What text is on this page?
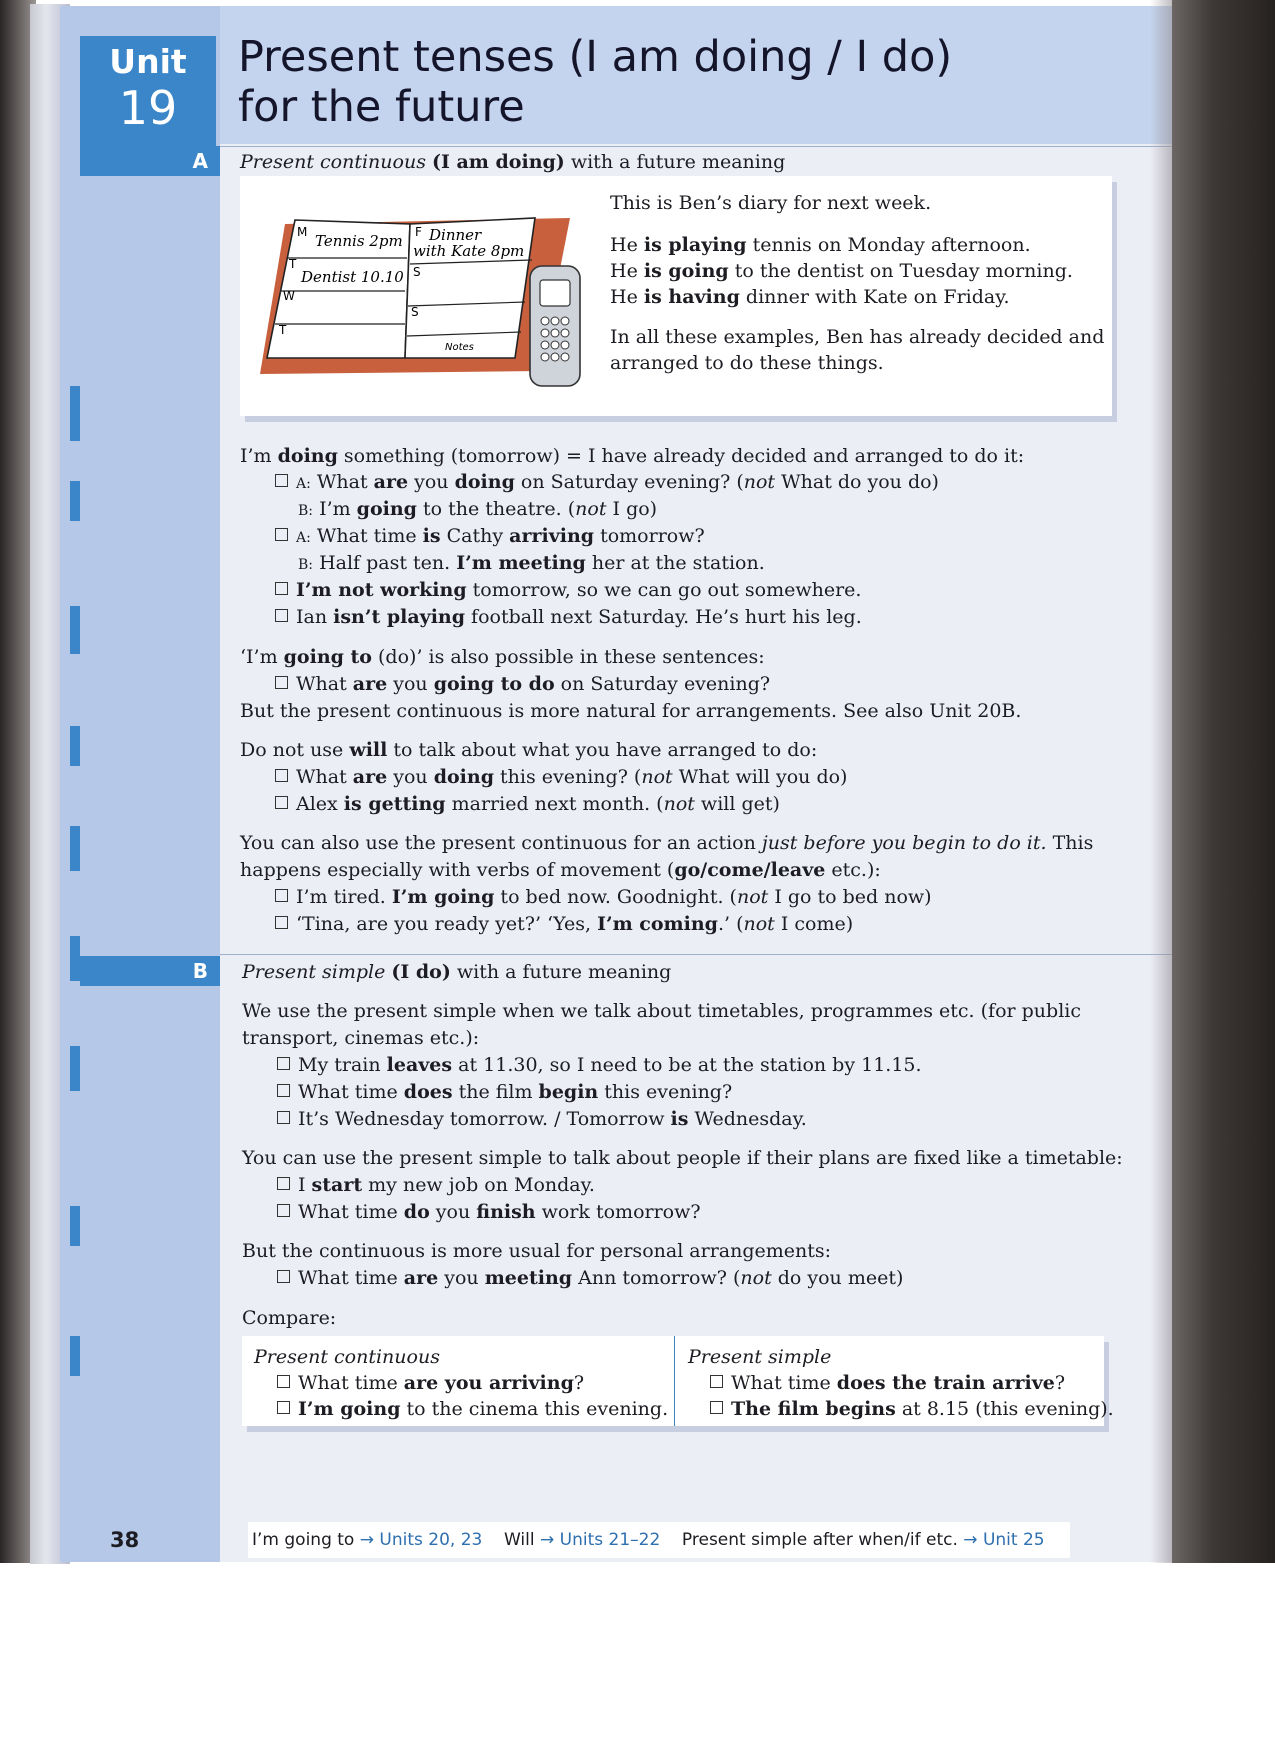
Unit
19
Present tenses (I am doing / I do)
for the future
A	Present continuous (I am doing) with a future meaning
M Tennis 2pm
T
Dentist 10.10
W
T
F Dinner
with Kate 8pm
S
S
Notes
This is Ben’s diary for next week.
He is playing tennis on Monday afternoon.
He is going to the dentist on Tuesday morning.
He is having dinner with Kate on Friday.
In all these examples, Ben has already decided and
arranged to do these things.
I’m doing something (tomorrow) = I have already decided and arranged to do it:
A: What are you doing on Saturday evening? (not What do you do)
B: I’m going to the theatre. (not I go)
A: What time is Cathy arriving tomorrow?
B: Half past ten. I’m meeting her at the station.
I’m not working tomorrow, so we can go out somewhere.
Ian isn’t playing football next Saturday. He’s hurt his leg.
‘I’m going to (do)’ is also possible in these sentences:
What are you going to do on Saturday evening?
But the present continuous is more natural for arrangements. See also Unit 20B.
Do not use will to talk about what you have arranged to do:
What are you doing this evening? (not What will you do)
Alex is getting married next month. (not will get)
You can also use the present continuous for an action just before you begin to do it. This
happens especially with verbs of movement (go/come/leave etc.):
I’m tired. I’m going to bed now. Goodnight. (not I go to bed now)
‘Tina, are you ready yet?’ ‘Yes, I’m coming.’ (not I come)
B	Present simple (I do) with a future meaning
We use the present simple when we talk about timetables, programmes etc. (for public
transport, cinemas etc.):
My train leaves at 11.30, so I need to be at the station by 11.15.
What time does the film begin this evening?
It’s Wednesday tomorrow. / Tomorrow is Wednesday.
You can use the present simple to talk about people if their plans are fixed like a timetable:
I start my new job on Monday.
What time do you finish work tomorrow?
But the continuous is more usual for personal arrangements:
What time are you meeting Ann tomorrow? (not do you meet)
Compare:
Present continuous
What time are you arriving?
I’m going to the cinema this evening.
Present simple
What time does the train arrive?
The film begins at 8.15 (this evening).
38	I’m going to → Units 20, 23 Will → Units 21–22 Present simple after when/if etc. → Unit 25
